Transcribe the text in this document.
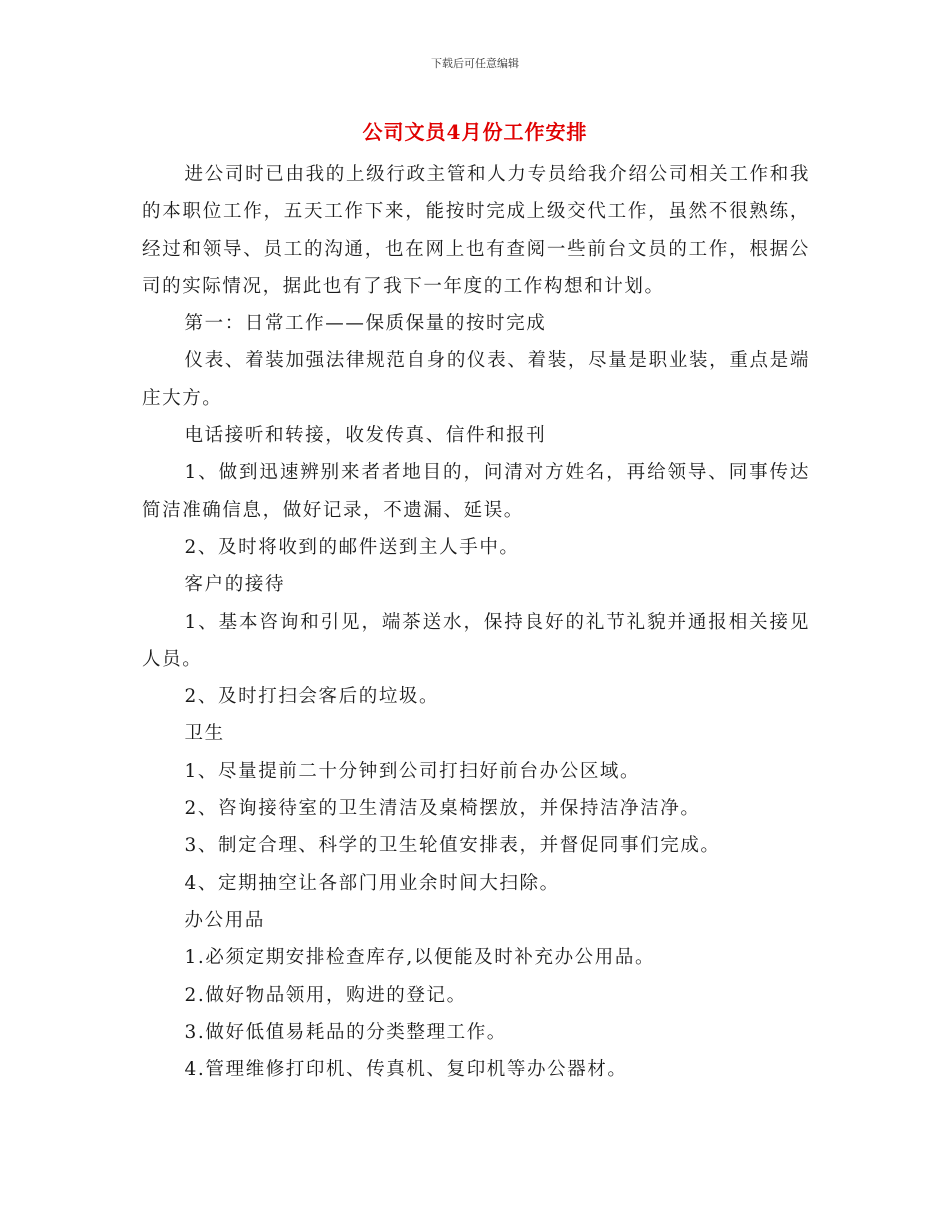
下载后可任意编辑
公司文员4月份工作安排

进公司时已由我的上级行政主管和人力专员给我介绍公司相关工作和我的本职位工作，五天工作下来，能按时完成上级交代工作，虽然不很熟练，经过和领导、员工的沟通，也在网上也有查阅一些前台文员的工作，根据公司的实际情况，据此也有了我下一年度的工作构想和计划。

第一：日常工作——保质保量的按时完成

仪表、着装加强法律规范自身的仪表、着装，尽量是职业装，重点是端庄大方。

电话接听和转接，收发传真、信件和报刊

1、做到迅速辨别来者者地目的，问清对方姓名，再给领导、同事传达简洁准确信息，做好记录，不遗漏、延误。

2、及时将收到的邮件送到主人手中。

客户的接待

1、基本咨询和引见，端茶送水，保持良好的礼节礼貌并通报相关接见人员。

2、及时打扫会客后的垃圾。

卫生

1、尽量提前二十分钟到公司打扫好前台办公区域。

2、咨询接待室的卫生清洁及桌椅摆放，并保持洁净洁净。

3、制定合理、科学的卫生轮值安排表，并督促同事们完成。

4、定期抽空让各部门用业余时间大扫除。

办公用品

1.必须定期安排检查库存,以便能及时补充办公用品。

2.做好物品领用，购进的登记。

3.做好低值易耗品的分类整理工作。

4.管理维修打印机、传真机、复印机等办公器材。
